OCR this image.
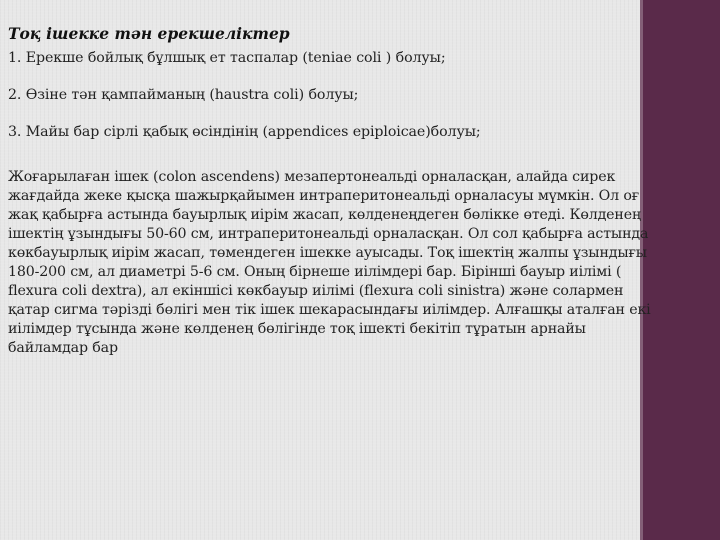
Тоқ ішекке тән ерекшеліктер
1. Ерекше бойлық бұлшық ет таспалар (teniae coli ) болуы;
2. Өзіне тән қампайманың (haustra coli) болуы;
3. Майы бар сірлі қабық өсіндінің (appendices epiploicae)болуы;
Жоғарылаған ішек (colon ascendens) мезапертонеальді орналасқан, алайда сирек жағдайда жеке қысқа шажырқайымен интраперитонеальді орналасуы мүмкін. Ол оғ жақ қабырға астында бауырлық иірім жасап, көлденеңдеген бөлікке өтеді. Көлденең ішектің ұзындығы 50-60 см, интраперитонеальді орналасқан. Ол сол қабырға астында көкбауырлық иірім жасап, төмендеген ішекке ауысады. Тоқ ішектің жалпы ұзындығы 180-200 см, ал диаметрі 5-6 см. Оның бірнеше иілімдері бар. Бірінші бауыр иілімі ( flexura coli dextra), ал екіншісі көкбауыр иілімі (flexura coli sinistra) және солармен қатар сигма тәрізді бөлігі мен тік ішек шекарасындағы иілімдер. Алғашқы аталған екі иілімдер тұсында және көлденең бөлігінде тоқ ішекті бекітіп тұратын арнайы байламдар бар
